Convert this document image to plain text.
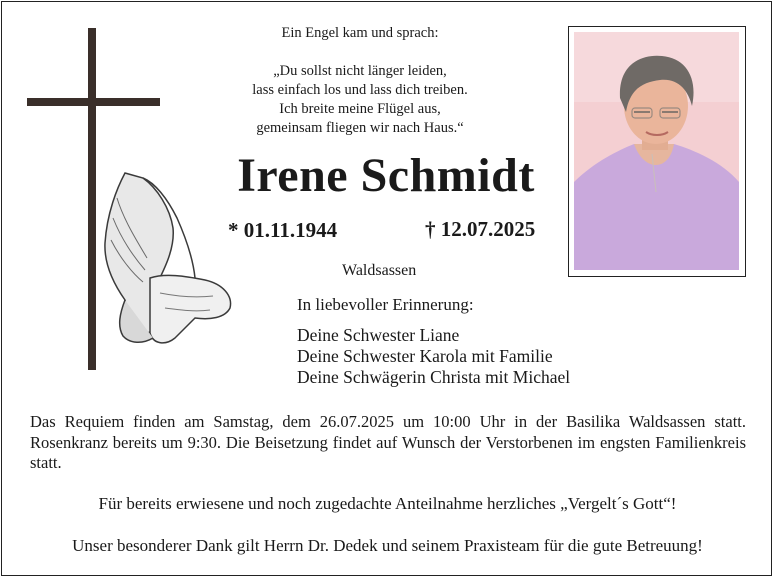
Ein Engel kam und sprach:
„Du sollst nicht länger leiden,
lass einfach los und lass dich treiben.
Ich breite meine Flügel aus,
gemeinsam fliegen wir nach Haus.“
Irene Schmidt
* 01.11.1944	† 12.07.2025
Waldsassen
In liebevoller Erinnerung:
Deine Schwester Liane
Deine Schwester Karola mit Familie
Deine Schwägerin Christa mit Michael
Das Requiem finden am Samstag, dem 26.07.2025 um 10:00 Uhr in der Basilika Waldsassen statt. Rosenkranz bereits um 9:30. Die Beisetzung findet auf Wunsch der Verstorbenen im engsten Familienkreis statt.
Für bereits erwiesene und noch zugedachte Anteilnahme herzliches „Vergelt´s Gott“!
Unser besonderer Dank gilt Herrn Dr. Dedek und seinem Praxisteam für die gute Betreuung!
